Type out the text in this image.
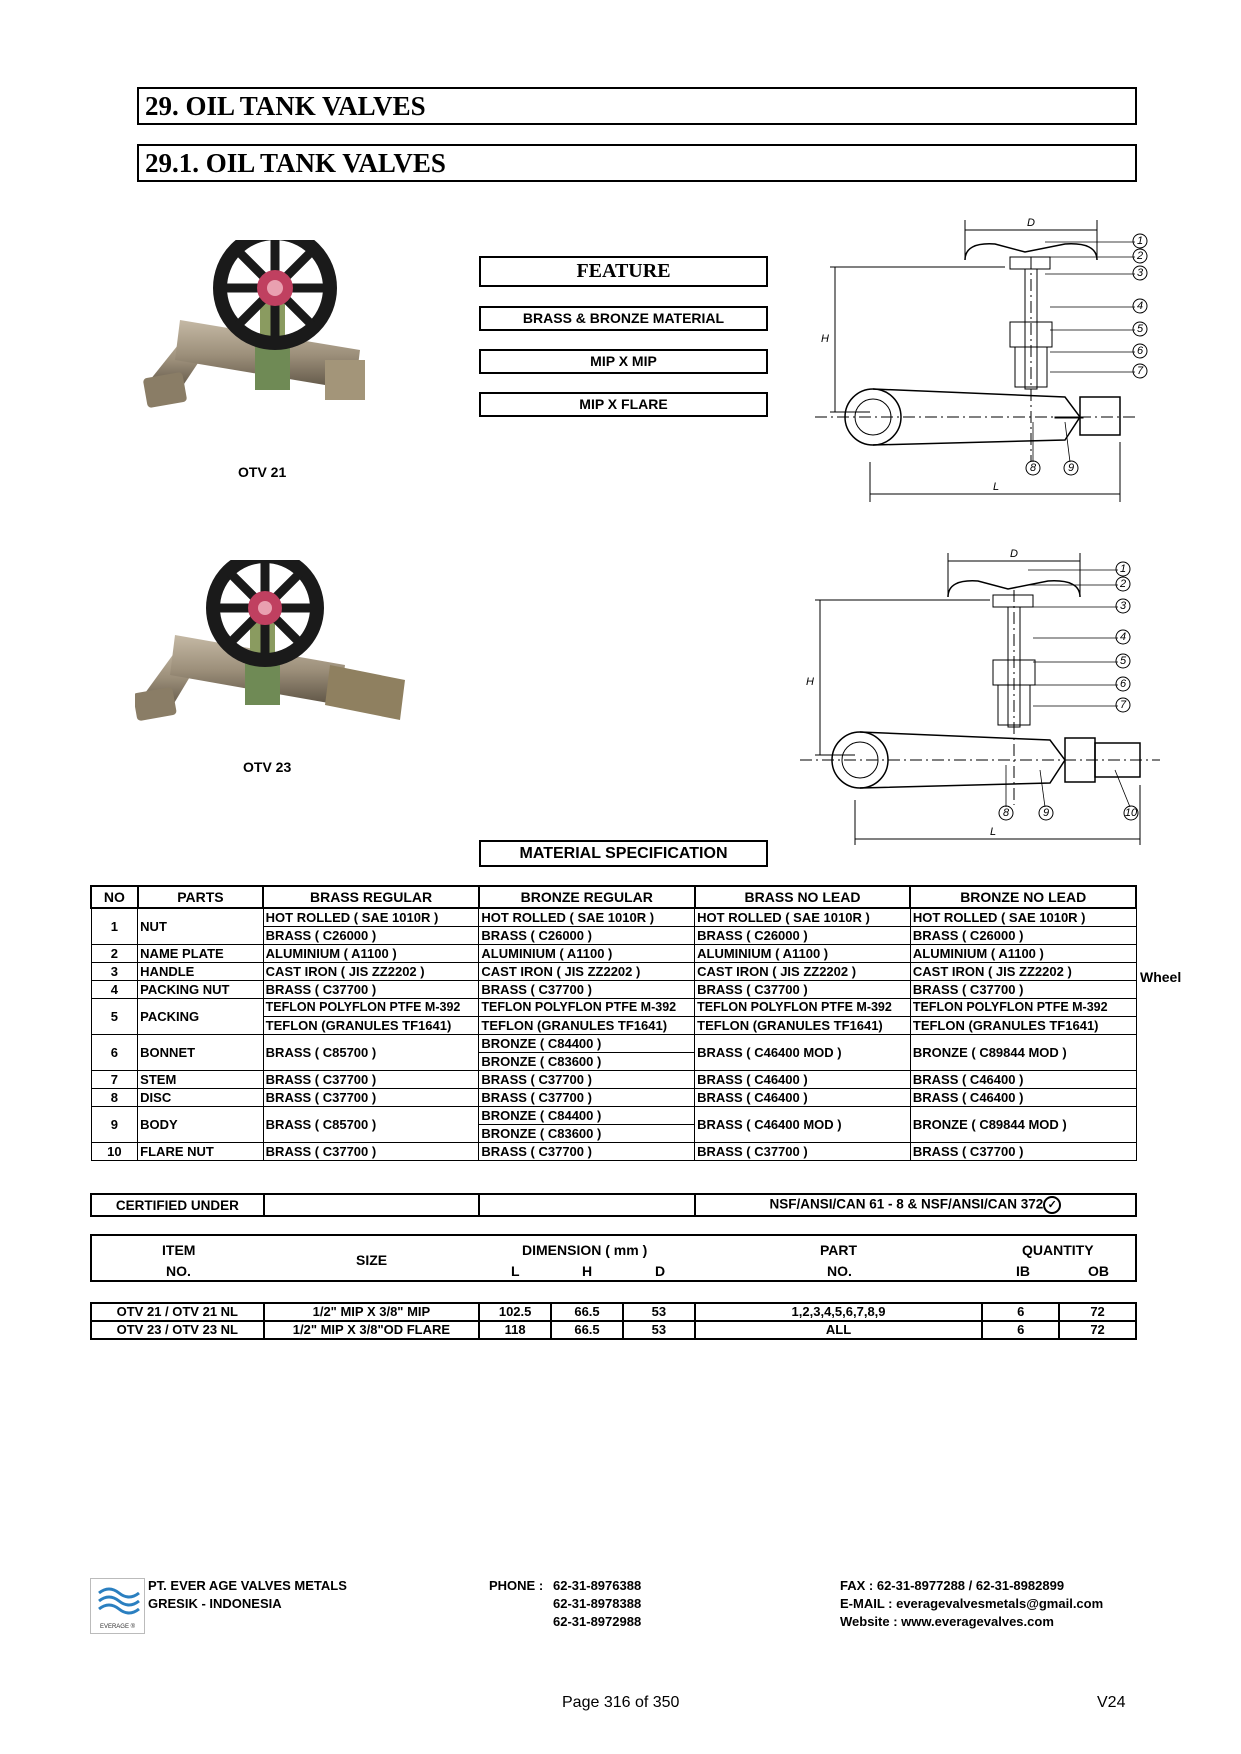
29. OIL TANK VALVES
29.1. OIL TANK VALVES
OTV 21
OTV 23
FEATURE
BRASS & BRONZE MATERIAL
MIP X MIP
MIP X FLARE
D
H
L
1
2
3
4
5
6
7
8	9
D
H
L
1
2
3
4
5
6
7
8	9	10
MATERIAL SPECIFICATION
NO	PARTS	BRASS REGULAR	BRONZE REGULAR	BRASS NO LEAD	BRONZE NO LEAD
1	NUT	HOT ROLLED ( SAE 1010R )	HOT ROLLED ( SAE 1010R )	HOT ROLLED ( SAE 1010R )	HOT ROLLED ( SAE 1010R )
		BRASS ( C26000 )	BRASS ( C26000 )	BRASS ( C26000 )	BRASS ( C26000 )
2	NAME PLATE	ALUMINIUM ( A1100 )	ALUMINIUM ( A1100 )	ALUMINIUM ( A1100 )	ALUMINIUM ( A1100 )
3	HANDLE	CAST IRON ( JIS ZZ2202 )	CAST IRON ( JIS ZZ2202 )	CAST IRON ( JIS ZZ2202 )	CAST IRON ( JIS ZZ2202 )
4	PACKING NUT	BRASS ( C37700 )	BRASS ( C37700 )	BRASS ( C37700 )	BRASS ( C37700 )
5	PACKING	TEFLON POLYFLON PTFE M-392	TEFLON POLYFLON PTFE M-392	TEFLON POLYFLON PTFE M-392	TEFLON POLYFLON PTFE M-392
		TEFLON (GRANULES TF1641)	TEFLON (GRANULES TF1641)	TEFLON (GRANULES TF1641)	TEFLON (GRANULES TF1641)
6	BONNET	BRASS ( C85700 )	BRONZE ( C84400 )	BRASS ( C46400 MOD )	BRONZE ( C89844 MOD )
			BRONZE ( C83600 )		
7	STEM	BRASS ( C37700 )	BRASS ( C37700 )	BRASS ( C46400 )	BRASS ( C46400 )
8	DISC	BRASS ( C37700 )	BRASS ( C37700 )	BRASS ( C46400 )	BRASS ( C46400 )
9	BODY	BRASS ( C85700 )	BRONZE ( C84400 )	BRASS ( C46400 MOD )	BRONZE ( C89844 MOD )
			BRONZE ( C83600 )		
10	FLARE NUT	BRASS ( C37700 )	BRASS ( C37700 )	BRASS ( C37700 )	BRASS ( C37700 )
Wheel
CERTIFIED UNDER			NSF/ANSI/CAN 61 - 8 & NSF/ANSI/CAN 372 ✓
ITEM
NO.
SIZE
DIMENSION ( mm )
L	H	D
PART
NO.
QUANTITY
IB	OB
OTV 21 / OTV 21 NL	1/2" MIP X 3/8" MIP	102.5	66.5	53	1,2,3,4,5,6,7,8,9	6	72
OTV 23 / OTV 23 NL	1/2" MIP X 3/8"OD FLARE	118	66.5	53	ALL	6	72
EVERAGE ®
PT. EVER AGE VALVES METALS
GRESIK - INDONESIA
PHONE : 62-31-8976388
62-31-8978388
62-31-8972988
FAX : 62-31-8977288 / 62-31-8982899
E-MAIL : everagevalvesmetals@gmail.com
Website : www.everagevalves.com
Page 316 of 350	V24
